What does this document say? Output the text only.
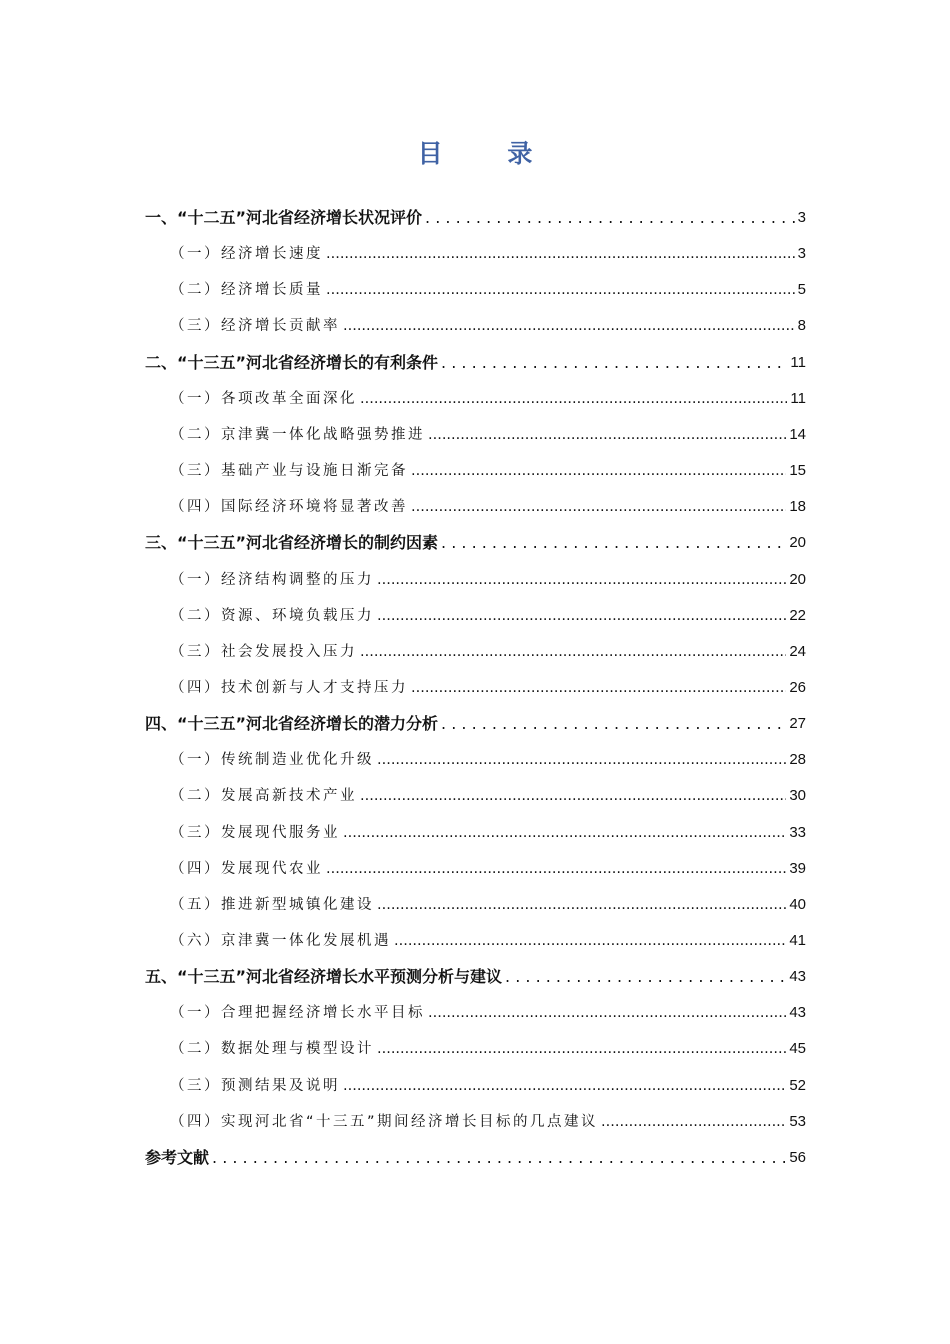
目 录
一、“十二五”河北省经济增长状况评价 . . .	3
（一）经济增长速度 .....	3
（二）经济增长质量 .....	5
（三）经济增长贡献率 .....	8
二、“十三五”河北省经济增长的有利条件 . . .	11
（一）各项改革全面深化 .....	11
（二）京津冀一体化战略强势推进 .....	14
（三）基础产业与设施日渐完备 .....	15
（四）国际经济环境将显著改善 .....	18
三、“十三五”河北省经济增长的制约因素 . . .	20
（一）经济结构调整的压力 .....	20
（二）资源、环境负载压力 .....	22
（三）社会发展投入压力 .....	24
（四）技术创新与人才支持压力 .....	26
四、“十三五”河北省经济增长的潜力分析 . . .	27
（一）传统制造业优化升级 .....	28
（二）发展高新技术产业 .....	30
（三）发展现代服务业 .....	33
（四）发展现代农业 .....	39
（五）推进新型城镇化建设 .....	40
（六）京津冀一体化发展机遇 .....	41
五、“十三五”河北省经济增长水平预测分析与建议 . . .	43
（一）合理把握经济增长水平目标 .....	43
（二）数据处理与模型设计 .....	45
（三）预测结果及说明 .....	52
（四）实现河北省“十三五”期间经济增长目标的几点建议 .....	53
参考文献 . . .	56
